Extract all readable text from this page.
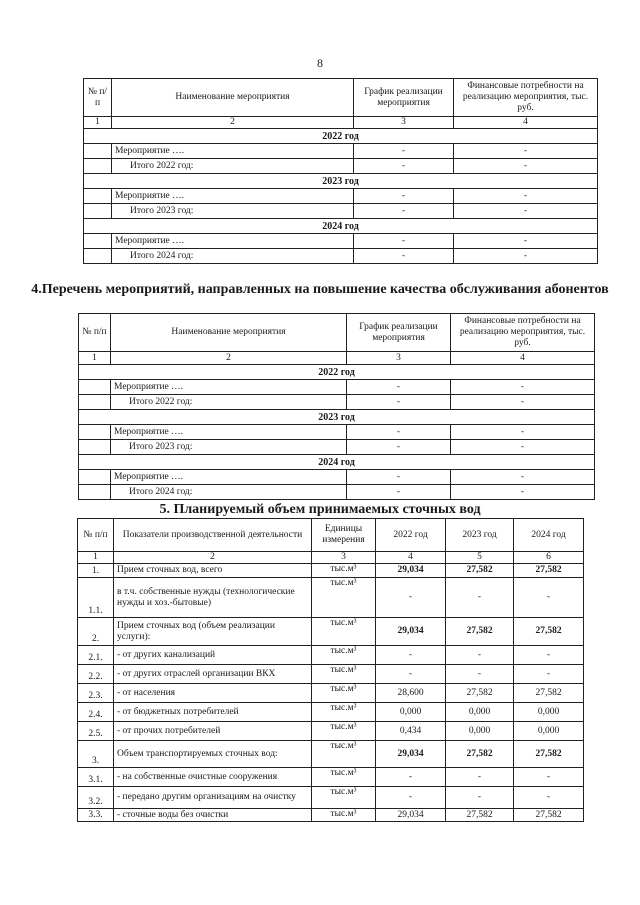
8
№ п/п	Наименование мероприятия	График реализации мероприятия	Финансовые потребности на реализацию мероприятия, тыс. руб.
1	2	3	4
2022 год			
	Мероприятие ….	-	-
	Итого 2022 год:	-	-
2023 год			
	Мероприятие ….	-	-
	Итого 2023 год:	-	-
2024 год			
	Мероприятие ….	-	-
	Итого 2024 год:	-	-
4.Перечень мероприятий, направленных на повышение качества обслуживания абонентов
№ п/п	Наименование мероприятия	График реализации мероприятия	Финансовые потребности на реализацию мероприятия, тыс. руб.
1	2	3	4
2022 год			
	Мероприятие ….	-	-
	Итого 2022 год:	-	-
2023 год			
	Мероприятие ….	-	-
	Итого 2023 год:	-	-
2024 год			
	Мероприятие ….	-	-
	Итого 2024 год:	-	-
5. Планируемый объем принимаемых сточных вод
№ п/п	Показатели производственной деятельности	Единицы измерения	2022 год	2023 год	2024 год
1	2	3	4	5	6
1.	Прием сточных вод, всего	тыс.м³	29,034	27,582	27,582
1.1.	в т.ч. собственные нужды (технологические нужды и хоз.-бытовые)	тыс.м³	-	-	-
2.	Прием сточных вод (объем реализации услуги):	тыс.м³	29,034	27,582	27,582
2.1.	- от других канализаций	тыс.м³	-	-	-
2.2.	- от других отраслей организации ВКХ	тыс.м³	-	-	-
2.3.	- от населения	тыс.м³	28,600	27,582	27,582
2.4.	- от бюджетных потребителей	тыс.м³	0,000	0,000	0,000
2.5.	- от прочих потребителей	тыс.м³	0,434	0,000	0,000
3.	Объем транспортируемых сточных вод:	тыс.м³	29,034	27,582	27,582
3.1.	- на собственные очистные сооружения	тыс.м³	-	-	-
3.2.	- передано другим организациям на очистку	тыс.м³	-	-	-
3.3.	- сточные воды без очистки	тыс.м³	29,034	27,582	27,582
